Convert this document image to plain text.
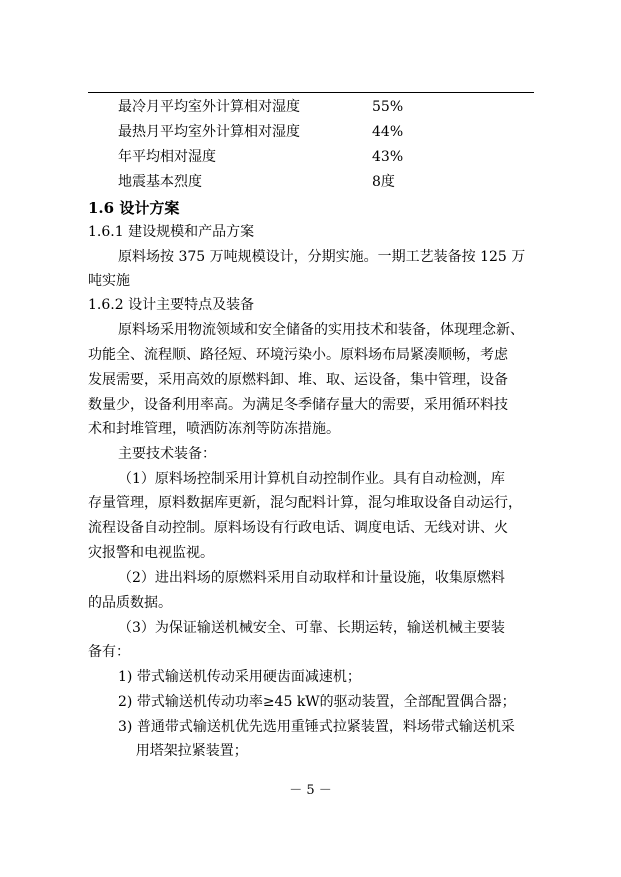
最冷月平均室外计算相对湿度	55%
最热月平均室外计算相对湿度	44%
年平均相对湿度	43%
地震基本烈度	8度
1.6 设计方案
1.6.1 建设规模和产品方案
原料场按 375 万吨规模设计，分期实施。一期工艺装备按 125 万
吨实施
1.6.2 设计主要特点及装备
原料场采用物流领域和安全储备的实用技术和装备，体现理念新、
功能全、流程顺、路径短、环境污染小。原料场布局紧凑顺畅，考虑
发展需要，采用高效的原燃料卸、堆、取、运设备，集中管理，设备
数量少，设备利用率高。为满足冬季储存量大的需要，采用循环料技
术和封堆管理，喷洒防冻剂等防冻措施。
主要技术装备：
（1）原料场控制采用计算机自动控制作业。具有自动检测，库
存量管理，原料数据库更新，混匀配料计算，混匀堆取设备自动运行，
流程设备自动控制。原料场设有行政电话、调度电话、无线对讲、火
灾报警和电视监视。
（2）进出料场的原燃料采用自动取样和计量设施，收集原燃料
的品质数据。
（3）为保证输送机械安全、可靠、长期运转，输送机械主要装
备有：
1) 带式输送机传动采用硬齿面减速机；
2) 带式输送机传动功率≥45 kW的驱动装置，全部配置偶合器；
3) 普通带式输送机优先选用重锤式拉紧装置，料场带式输送机采
用塔架拉紧装置；
－ 5 －
